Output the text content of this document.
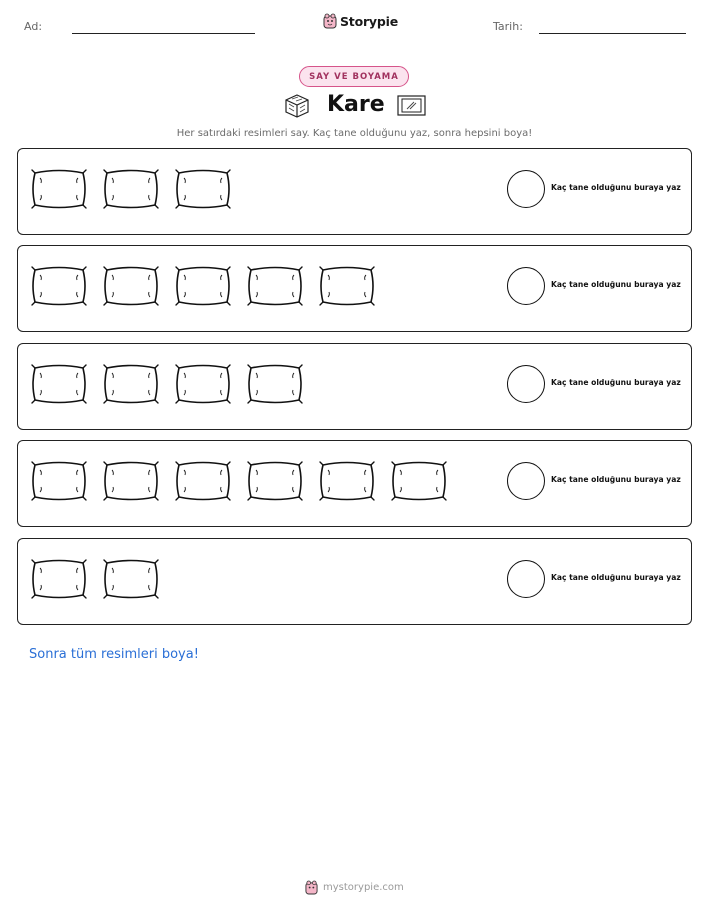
Ad:	Storypie	Tarih:
SAY VE BOYAMA
Kare
Her satırdaki resimleri say. Kaç tane olduğunu yaz, sonra hepsini boya!
Kaç tane olduğunu buraya yaz
Kaç tane olduğunu buraya yaz
Kaç tane olduğunu buraya yaz
Kaç tane olduğunu buraya yaz
Kaç tane olduğunu buraya yaz
Sonra tüm resimleri boya!
mystorypie.com
